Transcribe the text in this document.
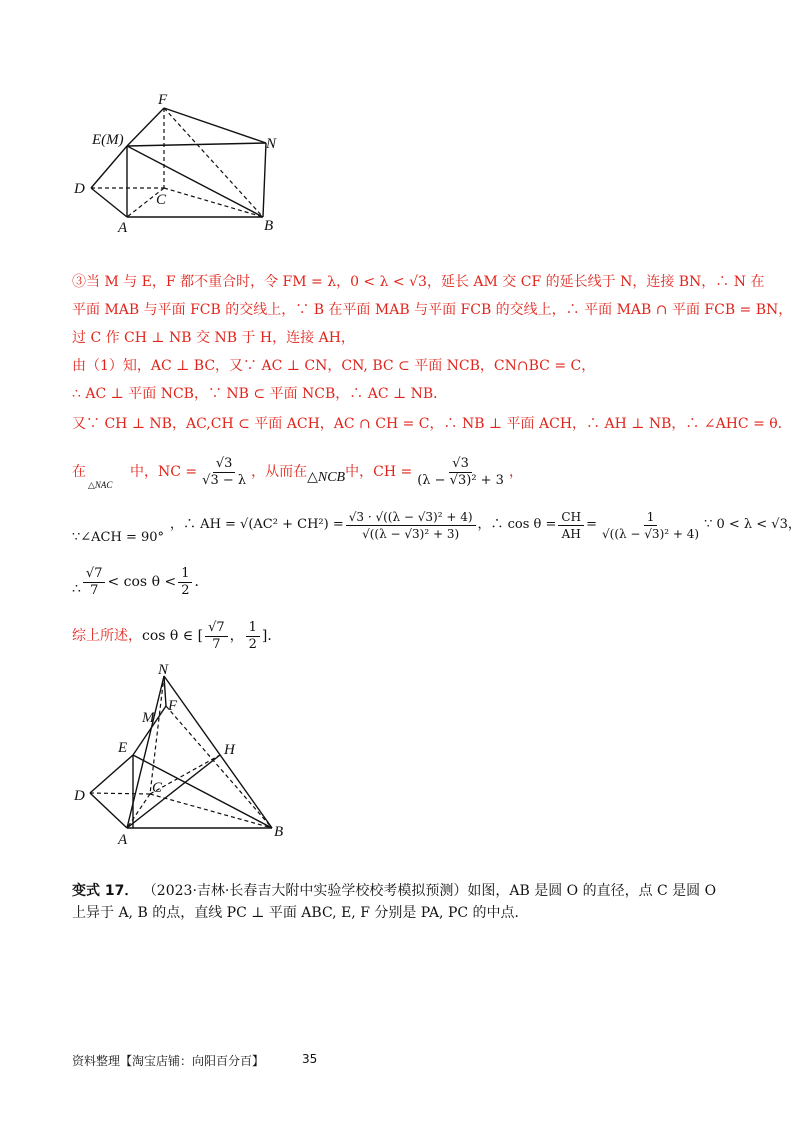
F
E(M)	N
D
C
A	B
③当 M 与 E，F 都不重合时，令 FM = λ，0 < λ < √3，延长 AM 交 CF 的延长线于 N，连接 BN，∴ N 在
平面 MAB 与平面 FCB 的交线上，∵ B 在平面 MAB 与平面 FCB 的交线上，∴ 平面 MAB ∩ 平面 FCB = BN，
过 C 作 CH ⊥ NB 交 NB 于 H，连接 AH，
由（1）知，AC ⊥ BC，又∵ AC ⊥ CN，CN, BC ⊂ 平面 NCB，CN∩BC = C，
∴ AC ⊥ 平面 NCB，∵ NB ⊂ 平面 NCB，∴ AC ⊥ NB．
又∵ CH ⊥ NB，AC,CH ⊂ 平面 ACH，AC ∩ CH = C，∴ NB ⊥ 平面 ACH，∴ AH ⊥ NB，∴ ∠AHC = θ．
在
△NAC
中，NC = $\frac{√3}{√3 - \lambda}$ ，从而在 △NCB 中，CH = $\frac{√3}{\text{(λ − √3)² + 3}}$ ，
∵∠ACH = 90°
，∴ AH = $√(AC^2 + CH^2) = \frac{\text{√3 · √((λ − √3)² + 4)}}{\text{√((λ − √3)² + 3)}}$ ，∴ $\cos \theta = \frac{CH}{AH} = \frac{1}{\text{√((λ − √3)² + 4)}}$ ∵ 0 < λ < √3，
∴ $\frac{√7}{7} < \cos \theta < \frac{1}{2}$ ．
综上所述， cos θ ∈ [ $\frac{√7}{7}$ ， $\frac{1}{2}$ ]．
N
M
F
E	H
D	C
A	B
变式 17． （2023·吉林·长春吉大附中实验学校校考模拟预测）如图，AB 是圆 O 的直径，点 C 是圆 O 上异于 A, B 的点，直线 PC ⊥ 平面 ABC, E, F 分别是 PA, PC 的中点．
资料整理【淘宝店铺：向阳百分百】	35
